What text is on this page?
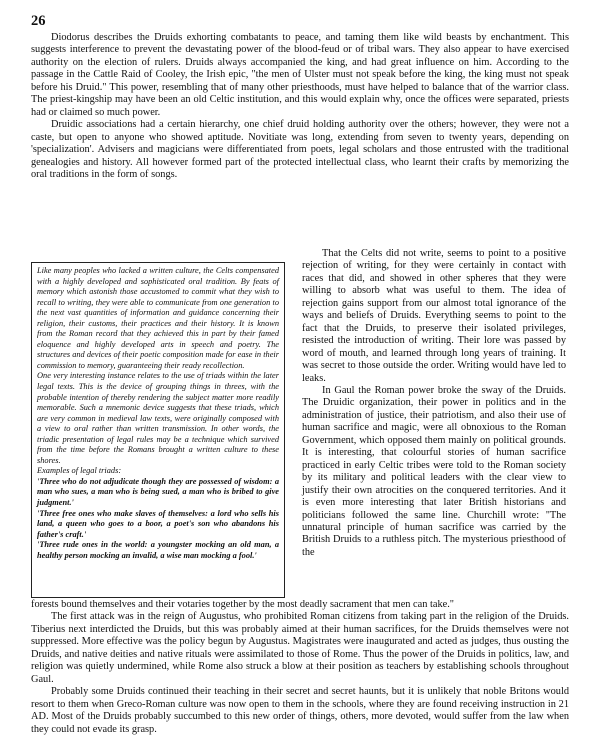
26

Diodorus describes the Druids exhorting combatants to peace, and taming them like wild beasts by enchantment. This suggests interference to prevent the devastating power of the blood-feud or of tribal wars. They also appear to have exercised authority on the election of rulers. Druids always accompanied the king, and had great influence on him. According to the passage in the Cattle Raid of Cooley, the Irish epic, "the men of Ulster must not speak before the king, the king must not speak before his Druid." This power, resembling that of many other priesthoods, must have helped to balance that of the warrior class. The priest-kingship may have been an old Celtic institution, and this would explain why, once the offices were separated, priests had or claimed so much power.

Druidic associations had a certain hierarchy, one chief druid holding authority over the others; however, they were not a caste, but open to anyone who showed aptitude. Novitiate was long, extending from seven to twenty years, depending on 'specialization'. Advisers and magicians were differentiated from poets, legal scholars and those entrusted with the traditional genealogies and history. All however formed part of the protected intellectual class, who learnt their crafts by memorizing the oral traditions in the form of songs.

That the Celts did not write, seems to point to a positive rejection of writing, for they were certainly in contact with races that did, and showed in other spheres that they were willing to absorb what was useful to them. The idea of rejection gains support from our almost total ignorance of the ways and beliefs of Druids. Everything seems to point to the fact that the Druids, to preserve their isolated privileges, resisted the introduction of writing. Their lore was passed by word of mouth, and learned through long years of training. It was secret to those outside the order. Writing would have led to leaks.

In Gaul the Roman power broke the sway of the Druids. The Druidic organization, their power in politics and in the administration of justice, their patriotism, and also their use of human sacrifice and magic, were all obnoxious to the Roman Government, which opposed them mainly on political grounds. It is interesting, that colourful stories of human sacrifice practiced in early Celtic tribes were told to the Roman society by its military and political leaders with the clear view to justify their own atrocities on the conquered territories. And it is even more interesting that later British historians and politicians followed the same line. Churchill wrote: "The unnatural principle of human sacrifice was carried by the British Druids to a ruthless pitch. The mysterious priesthood of the

Like many peoples who lacked a written culture, the Celts compensated with a highly developed and sophisticated oral tradition. By feats of memory which astonish those accustomed to commit what they wish to recall to writing, they were able to communicate from one generation to the next vast quantities of information and guidance concerning their religion, their customs, their practices and their history. It is known from the Roman record that they achieved this in part by their famed eloquence and highly developed arts in speech and poetry. The structures and devices of their poetic composition made for ease in their commission to memory, guaranteeing their ready recollection.

One very interesting instance relates to the use of triads within the later legal texts. This is the device of grouping things in threes, with the probable intention of thereby rendering the subject matter more readily memorable. Such a mnemonic device suggests that these triads, which are very common in medieval law texts, were originally composed with a view to oral rather than written transmission. In other words, the triadic presentation of legal rules may be a technique which survived from the time before the Romans brought a written culture to these shores.

Examples of legal triads:

'Three who do not adjudicate though they are possessed of wisdom: a man who sues, a man who is being sued, a man who is bribed to give judgment.'

'Three free ones who make slaves of themselves: a lord who sells his land, a queen who goes to a boor, a poet's son who abandons his father's craft.'

'Three rude ones in the world: a youngster mocking an old man, a healthy person mocking an invalid, a wise man mocking a fool.'

forests bound themselves and their votaries together by the most deadly sacrament that men can take."

The first attack was in the reign of Augustus, who prohibited Roman citizens from taking part in the religion of the Druids. Tiberius next interdicted the Druids, but this was probably aimed at their human sacrifices, for the Druids themselves were not suppressed. More effective was the policy begun by Augustus. Magistrates were inaugurated and acted as judges, thus ousting the Druids, and native deities and native rituals were assimilated to those of Rome. Thus the power of the Druids in politics, law, and religion was quietly undermined, while Rome also struck a blow at their position as teachers by establishing schools throughout Gaul.

Probably some Druids continued their teaching in their secret and secret haunts, but it is unlikely that noble Britons would resort to them when Greco-Roman culture was now open to them in the schools, where they are found receiving instruction in 21 AD. Most of the Druids probably succumbed to this new order of things, others, more devoted, would suffer from the law when they could not evade its grasp.
